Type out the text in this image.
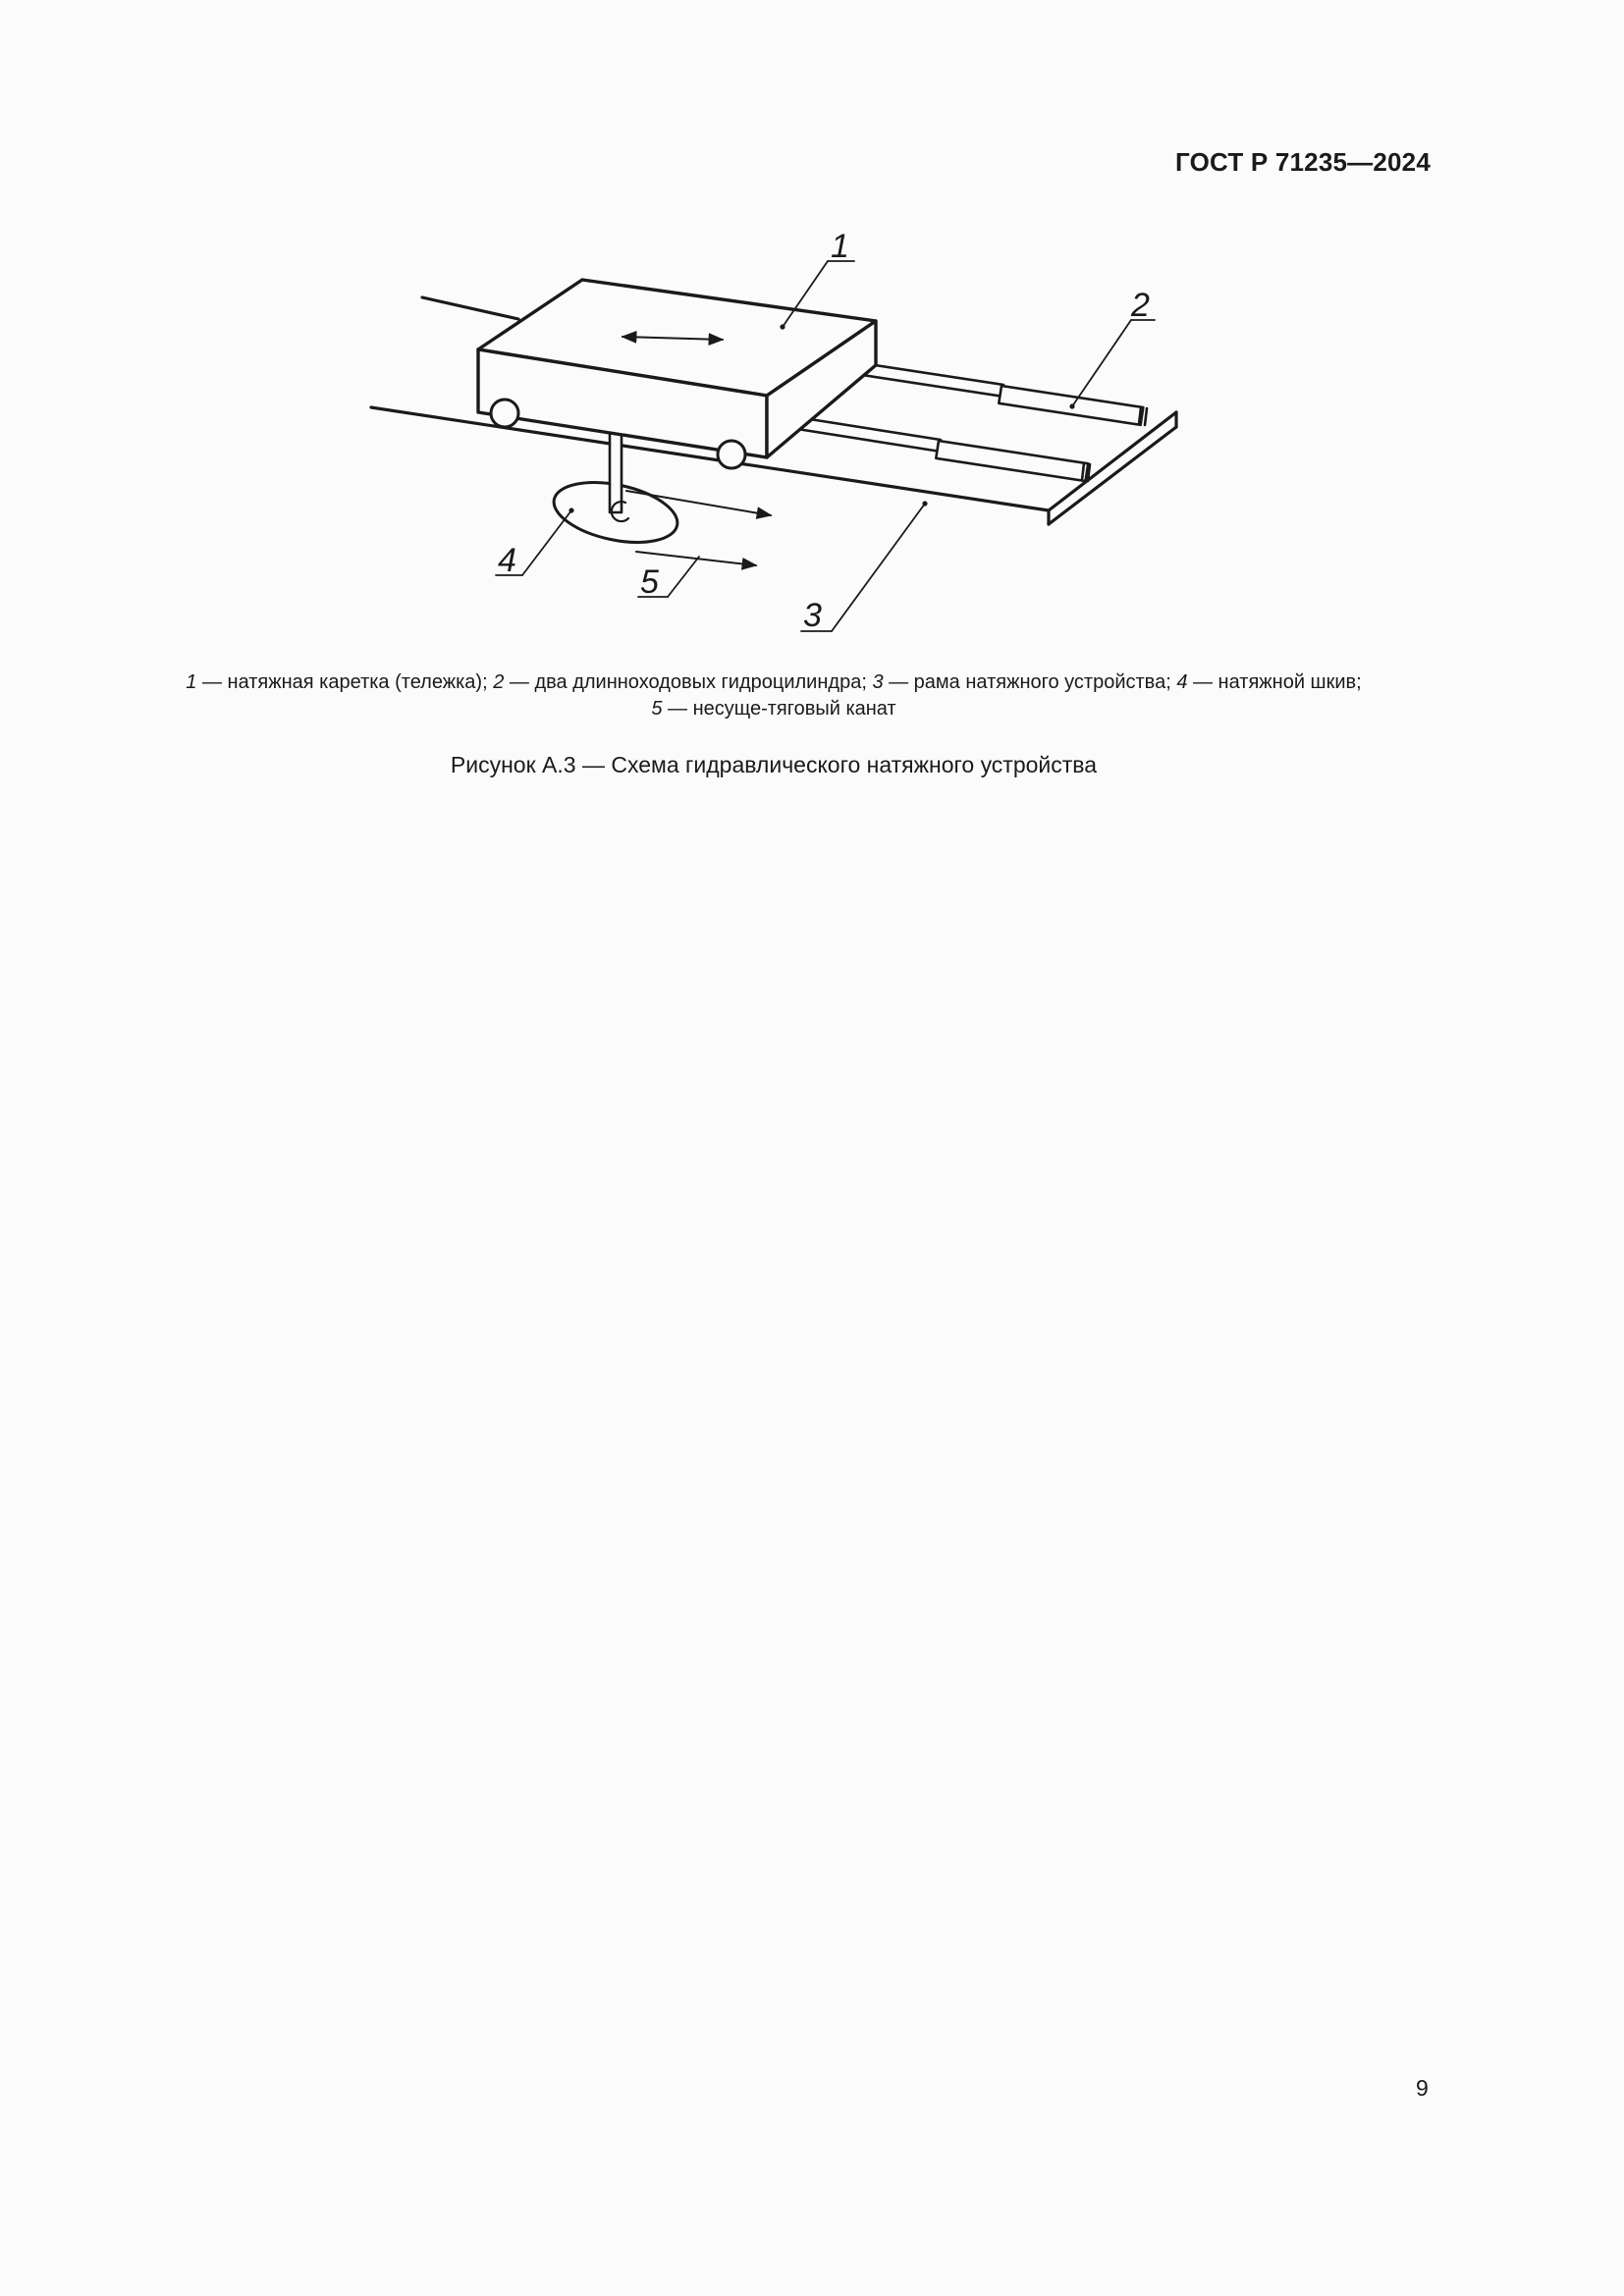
ГОСТ Р 71235—2024

1
2
3
4
5

1 — натяжная каретка (тележка); 2 — два длинноходовых гидроцилиндра; 3 — рама натяжного устройства; 4 — натяжной шкив;

5 — несуще-тяговый канат

Рисунок А.3 — Схема гидравлического натяжного устройства

9
